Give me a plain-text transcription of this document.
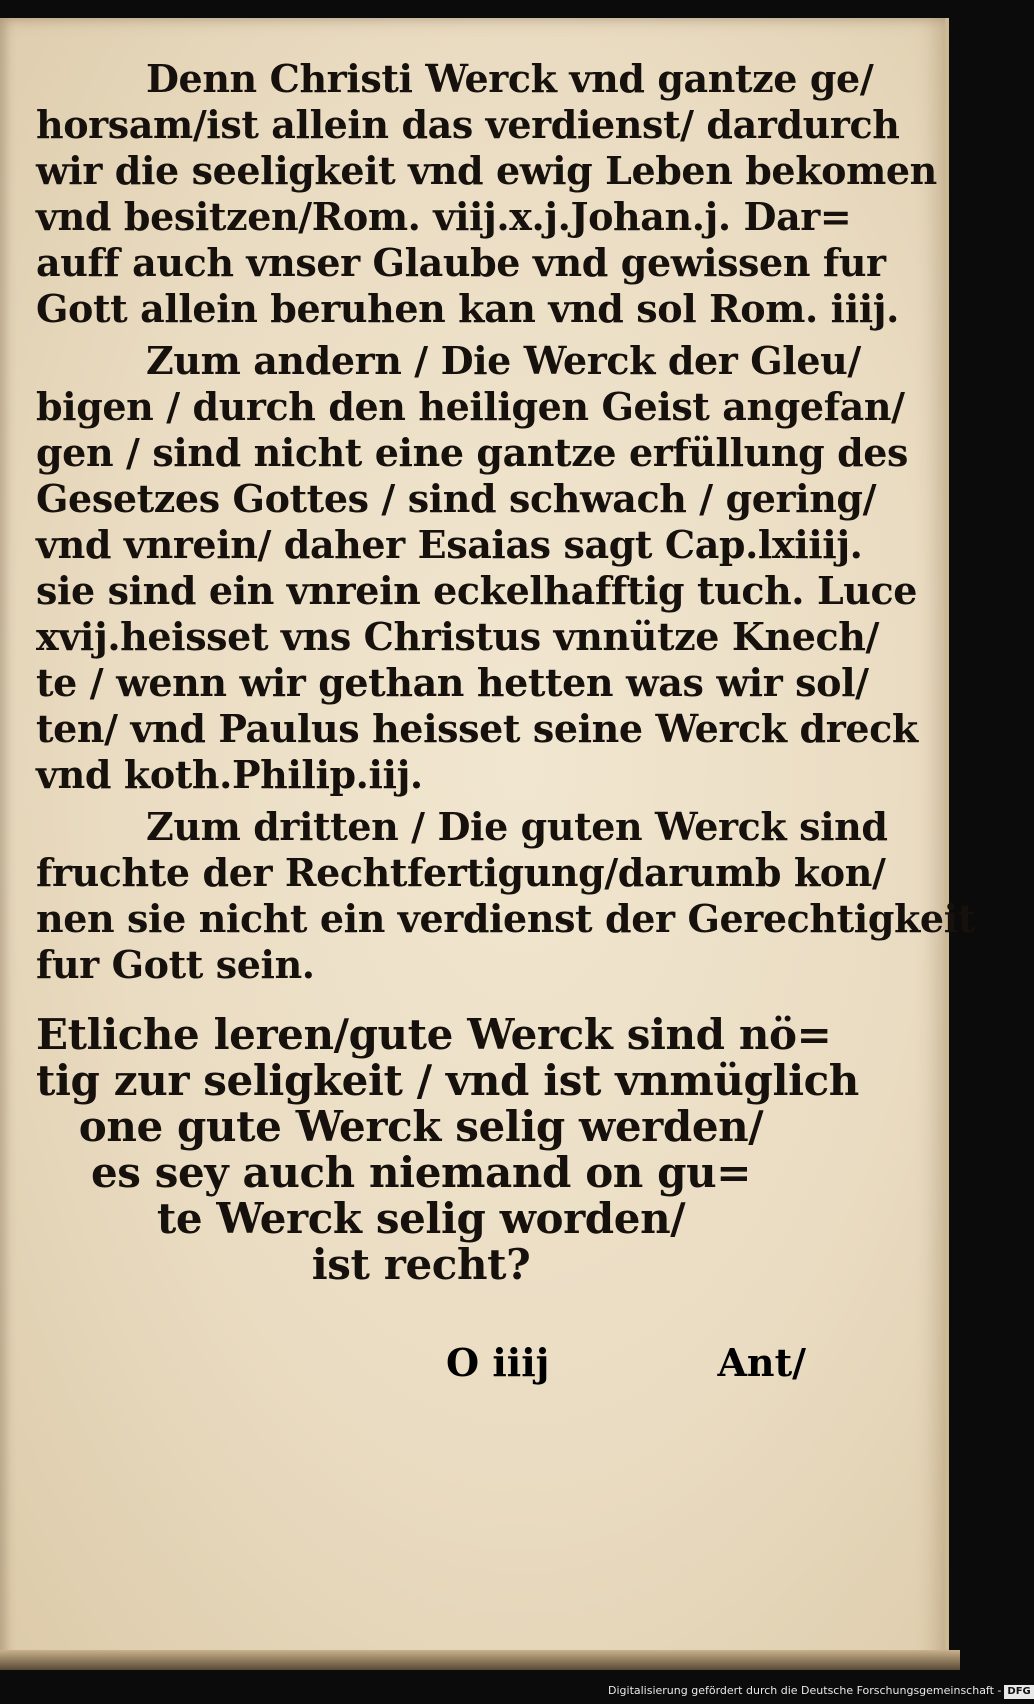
Denn Christi Werck vnd gantze ge/

horsam/ist allein das verdienst/ dardurch

wir die seeligkeit vnd ewig Leben bekomen

vnd besitzen/Rom. viij.x.j.Johan.j. Dar=

auff auch vnser Glaube vnd gewissen fur

Gott allein beruhen kan vnd sol Rom. iiij.

Zum andern / Die Werck der Gleu/

bigen / durch den heiligen Geist angefan/

gen / sind nicht eine gantze erfüllung des

Gesetzes Gottes / sind schwach / gering/

vnd vnrein/ daher Esaias sagt Cap.lxiiij.

sie sind ein vnrein eckelhafftig tuch. Luce

xvij.heisset vns Christus vnnütze Knech/

te / wenn wir gethan hetten was wir sol/

ten/ vnd Paulus heisset seine Werck dreck

vnd koth.Philip.iij.

Zum dritten / Die guten Werck sind

fruchte der Rechtfertigung/darumb kon/

nen sie nicht ein verdienst der Gerechtigkeit

fur Gott sein.

Etliche leren/gute Werck sind nö=

tig zur seligkeit / vnd ist vnmüglich

one gute Werck selig werden/

es sey auch niemand on gu=

te Werck selig worden/

ist recht?

O iiij	Ant/
Digitalisierung gefördert durch die Deutsche Forschungsgemeinschaft - DFG
